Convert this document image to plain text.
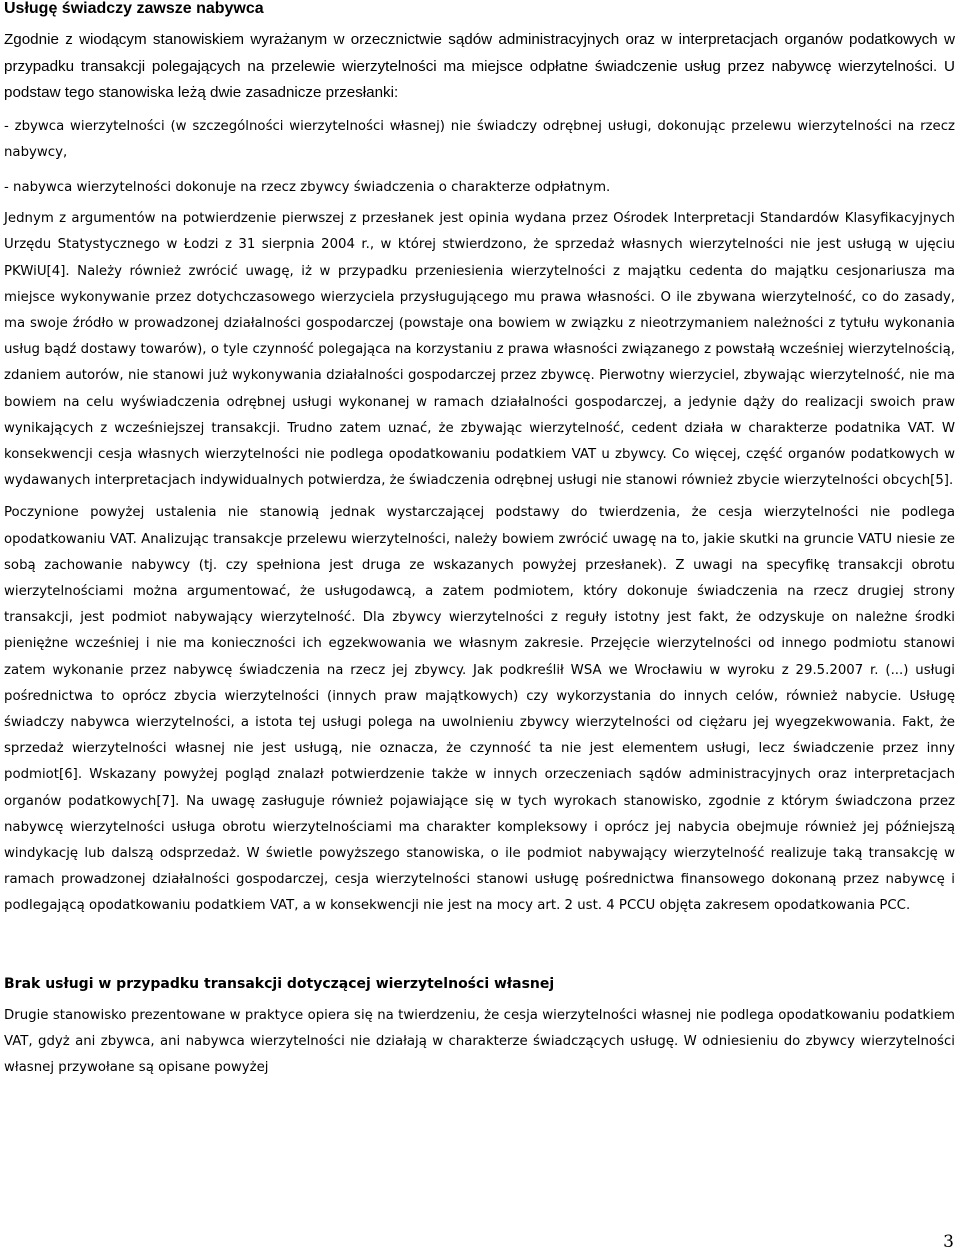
Usługę świadczy zawsze nabywca

Zgodnie z wiodącym stanowiskiem wyrażanym w orzecznictwie sądów administracyjnych oraz w interpretacjach organów podatkowych w przypadku transakcji polegających na przelewie wierzytelności ma miejsce odpłatne świadczenie usług przez nabywcę wierzytelności. U podstaw tego stanowiska leżą dwie zasadnicze przesłanki:

- zbywca wierzytelności (w szczególności wierzytelności własnej) nie świadczy odrębnej usługi, dokonując przelewu wierzytelności na rzecz nabywcy,

- nabywca wierzytelności dokonuje na rzecz zbywcy świadczenia o charakterze odpłatnym.

Jednym z argumentów na potwierdzenie pierwszej z przesłanek jest opinia wydana przez Ośrodek Interpretacji Standardów Klasyfikacyjnych Urzędu Statystycznego w Łodzi z 31 sierpnia 2004 r., w której stwierdzono, że sprzedaż własnych wierzytelności nie jest usługą w ujęciu PKWiU[4]. Należy również zwrócić uwagę, iż w przypadku przeniesienia wierzytelności z majątku cedenta do majątku cesjonariusza ma miejsce wykonywanie przez dotychczasowego wierzyciela przysługującego mu prawa własności. O ile zbywana wierzytelność, co do zasady, ma swoje źródło w prowadzonej działalności gospodarczej (powstaje ona bowiem w związku z nieotrzymaniem należności z tytułu wykonania usług bądź dostawy towarów), o tyle czynność polegająca na korzystaniu z prawa własności związanego z powstałą wcześniej wierzytelnością, zdaniem autorów, nie stanowi już wykonywania działalności gospodarczej przez zbywcę. Pierwotny wierzyciel, zbywając wierzytelność, nie ma bowiem na celu wyświadczenia odrębnej usługi wykonanej w ramach działalności gospodarczej, a jedynie dąży do realizacji swoich praw wynikających z wcześniejszej transakcji. Trudno zatem uznać, że zbywając wierzytelność, cedent działa w charakterze podatnika VAT. W konsekwencji cesja własnych wierzytelności nie podlega opodatkowaniu podatkiem VAT u zbywcy. Co więcej, część organów podatkowych w wydawanych interpretacjach indywidualnych potwierdza, że świadczenia odrębnej usługi nie stanowi również zbycie wierzytelności obcych[5].

Poczynione powyżej ustalenia nie stanowią jednak wystarczającej podstawy do twierdzenia, że cesja wierzytelności nie podlega opodatkowaniu VAT. Analizując transakcje przelewu wierzytelności, należy bowiem zwrócić uwagę na to, jakie skutki na gruncie VATU niesie ze sobą zachowanie nabywcy (tj. czy spełniona jest druga ze wskazanych powyżej przesłanek). Z uwagi na specyfikę transakcji obrotu wierzytelnościami można argumentować, że usługodawcą, a zatem podmiotem, który dokonuje świadczenia na rzecz drugiej strony transakcji, jest podmiot nabywający wierzytelność. Dla zbywcy wierzytelności z reguły istotny jest fakt, że odzyskuje on należne środki pieniężne wcześniej i nie ma konieczności ich egzekwowania we własnym zakresie. Przejęcie wierzytelności od innego podmiotu stanowi zatem wykonanie przez nabywcę świadczenia na rzecz jej zbywcy. Jak podkreślił WSA we Wrocławiu w wyroku z 29.5.2007 r. (...) usługi pośrednictwa to oprócz zbycia wierzytelności (innych praw majątkowych) czy wykorzystania do innych celów, również nabycie. Usługę świadczy nabywca wierzytelności, a istota tej usługi polega na uwolnieniu zbywcy wierzytelności od ciężaru jej wyegzekwowania. Fakt, że sprzedaż wierzytelności własnej nie jest usługą, nie oznacza, że czynność ta nie jest elementem usługi, lecz świadczenie przez inny podmiot[6]. Wskazany powyżej pogląd znalazł potwierdzenie także w innych orzeczeniach sądów administracyjnych oraz interpretacjach organów podatkowych[7]. Na uwagę zasługuje również pojawiające się w tych wyrokach stanowisko, zgodnie z którym świadczona przez nabywcę wierzytelności usługa obrotu wierzytelnościami ma charakter kompleksowy i oprócz jej nabycia obejmuje również jej późniejszą windykację lub dalszą odsprzedaż. W świetle powyższego stanowiska, o ile podmiot nabywający wierzytelność realizuje taką transakcję w ramach prowadzonej działalności gospodarczej, cesja wierzytelności stanowi usługę pośrednictwa finansowego dokonaną przez nabywcę i podlegającą opodatkowaniu podatkiem VAT, a w konsekwencji nie jest na mocy art. 2 ust. 4 PCCU objęta zakresem opodatkowania PCC.

Brak usługi w przypadku transakcji dotyczącej wierzytelności własnej

Drugie stanowisko prezentowane w praktyce opiera się na twierdzeniu, że cesja wierzytelności własnej nie podlega opodatkowaniu podatkiem VAT, gdyż ani zbywca, ani nabywca wierzytelności nie działają w charakterze świadczących usługę. W odniesieniu do zbywcy wierzytelności własnej przywołane są opisane powyżej

3
